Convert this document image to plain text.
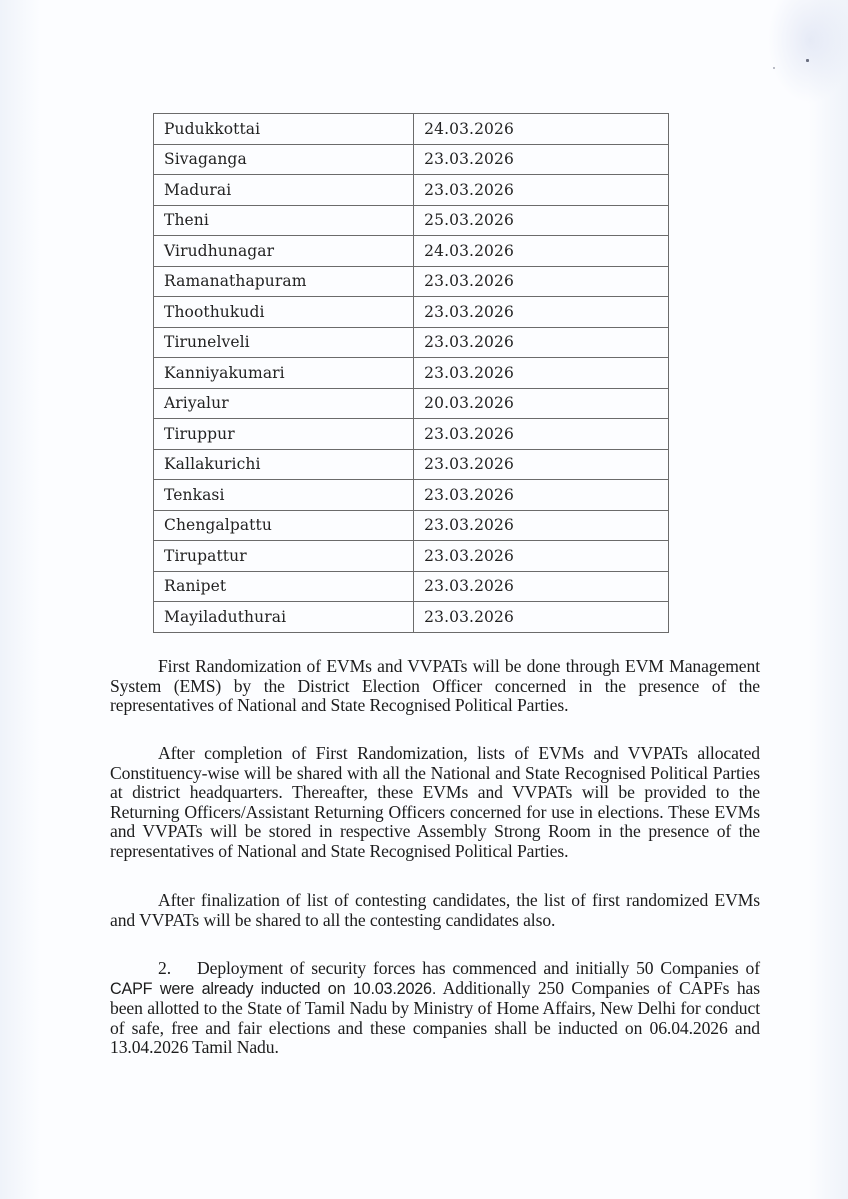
Pudukkottai	24.03.2026
Sivaganga	23.03.2026
Madurai	23.03.2026
Theni	25.03.2026
Virudhunagar	24.03.2026
Ramanathapuram	23.03.2026
Thoothukudi	23.03.2026
Tirunelveli	23.03.2026
Kanniyakumari	23.03.2026
Ariyalur	20.03.2026
Tiruppur	23.03.2026
Kallakurichi	23.03.2026
Tenkasi	23.03.2026
Chengalpattu	23.03.2026
Tirupattur	23.03.2026
Ranipet	23.03.2026
Mayiladuthurai	23.03.2026

First Randomization of EVMs and VVPATs will be done through EVM Management System (EMS) by the District Election Officer concerned in the presence of the representatives of National and State Recognised Political Parties.

After completion of First Randomization, lists of EVMs and VVPATs allocated Constituency-wise will be shared with all the National and State Recognised Political Parties at district headquarters. Thereafter, these EVMs and VVPATs will be provided to the Returning Officers/Assistant Returning Officers concerned for use in elections. These EVMs and VVPATs will be stored in respective Assembly Strong Room in the presence of the representatives of National and State Recognised Political Parties.

After finalization of list of contesting candidates, the list of first randomized EVMs and VVPATs will be shared to all the contesting candidates also.

2. Deployment of security forces has commenced and initially 50 Companies of CAPF were already inducted on 10.03.2026. Additionally 250 Companies of CAPFs has been allotted to the State of Tamil Nadu by Ministry of Home Affairs, New Delhi for conduct of safe, free and fair elections and these companies shall be inducted on 06.04.2026 and 13.04.2026 Tamil Nadu.
